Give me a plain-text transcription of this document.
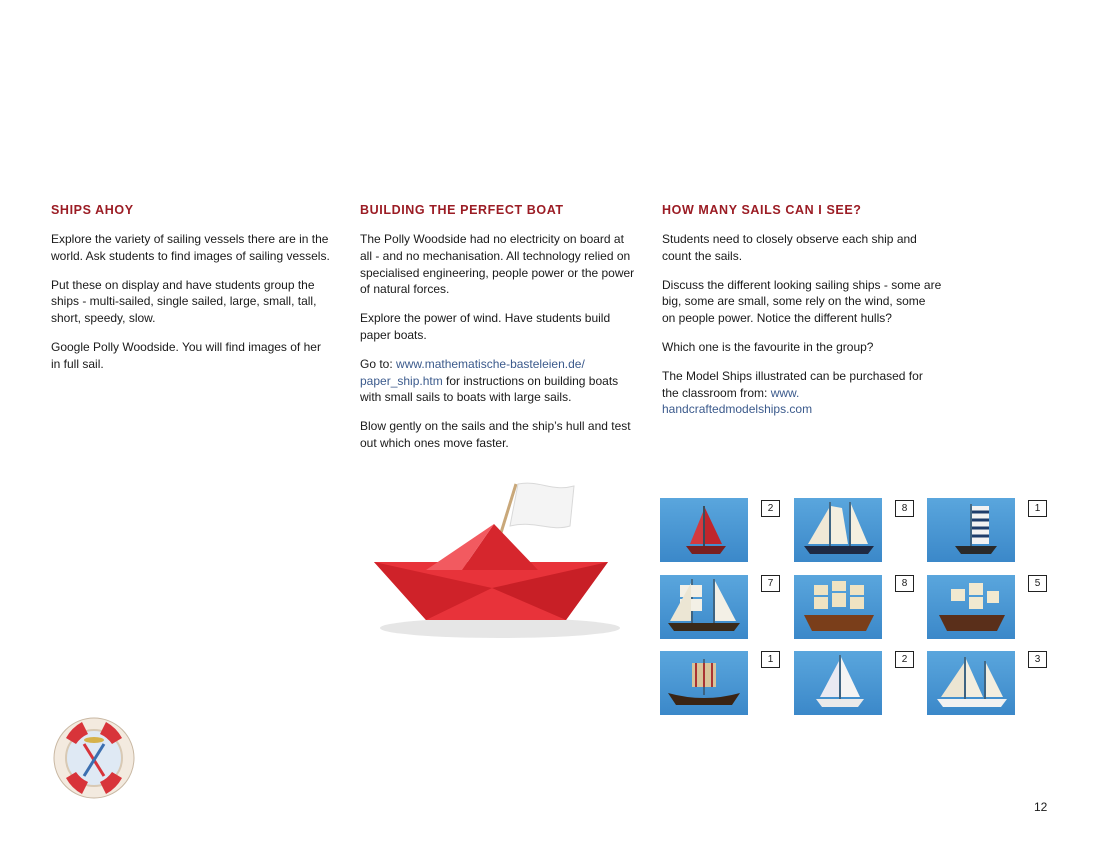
SHIPS AHOY

Explore the variety of sailing vessels there are in the world. Ask students to find images of sailing vessels.

Put these on display and have students group the ships - multi-sailed, single sailed, large, small, tall, short, speedy, slow.

Google Polly Woodside. You will find images of her in full sail.

BUILDING THE PERFECT BOAT

The Polly Woodside had no electricity on board at all - and no mechanisation. All technology relied on specialised engineering, people power or the power of natural forces.

Explore the power of wind. Have students build paper boats.

Go to: www.mathematische-basteleien.de/ paper_ship.htm for instructions on building boats with small sails to boats with large sails.

Blow gently on the sails and the ship’s hull and test out which ones move faster.

HOW MANY SAILS CAN I SEE?

Students need to closely observe each ship and count the sails.

Discuss the different looking sailing ships - some are big, some are small, some rely on the wind, some on people power. Notice the different hulls?

Which one is the favourite in the group?

The Model Ships illustrated can be purchased for the classroom from: www. handcraftedmodelships.com

2	8	1
7	8	5
1	2	3
12
